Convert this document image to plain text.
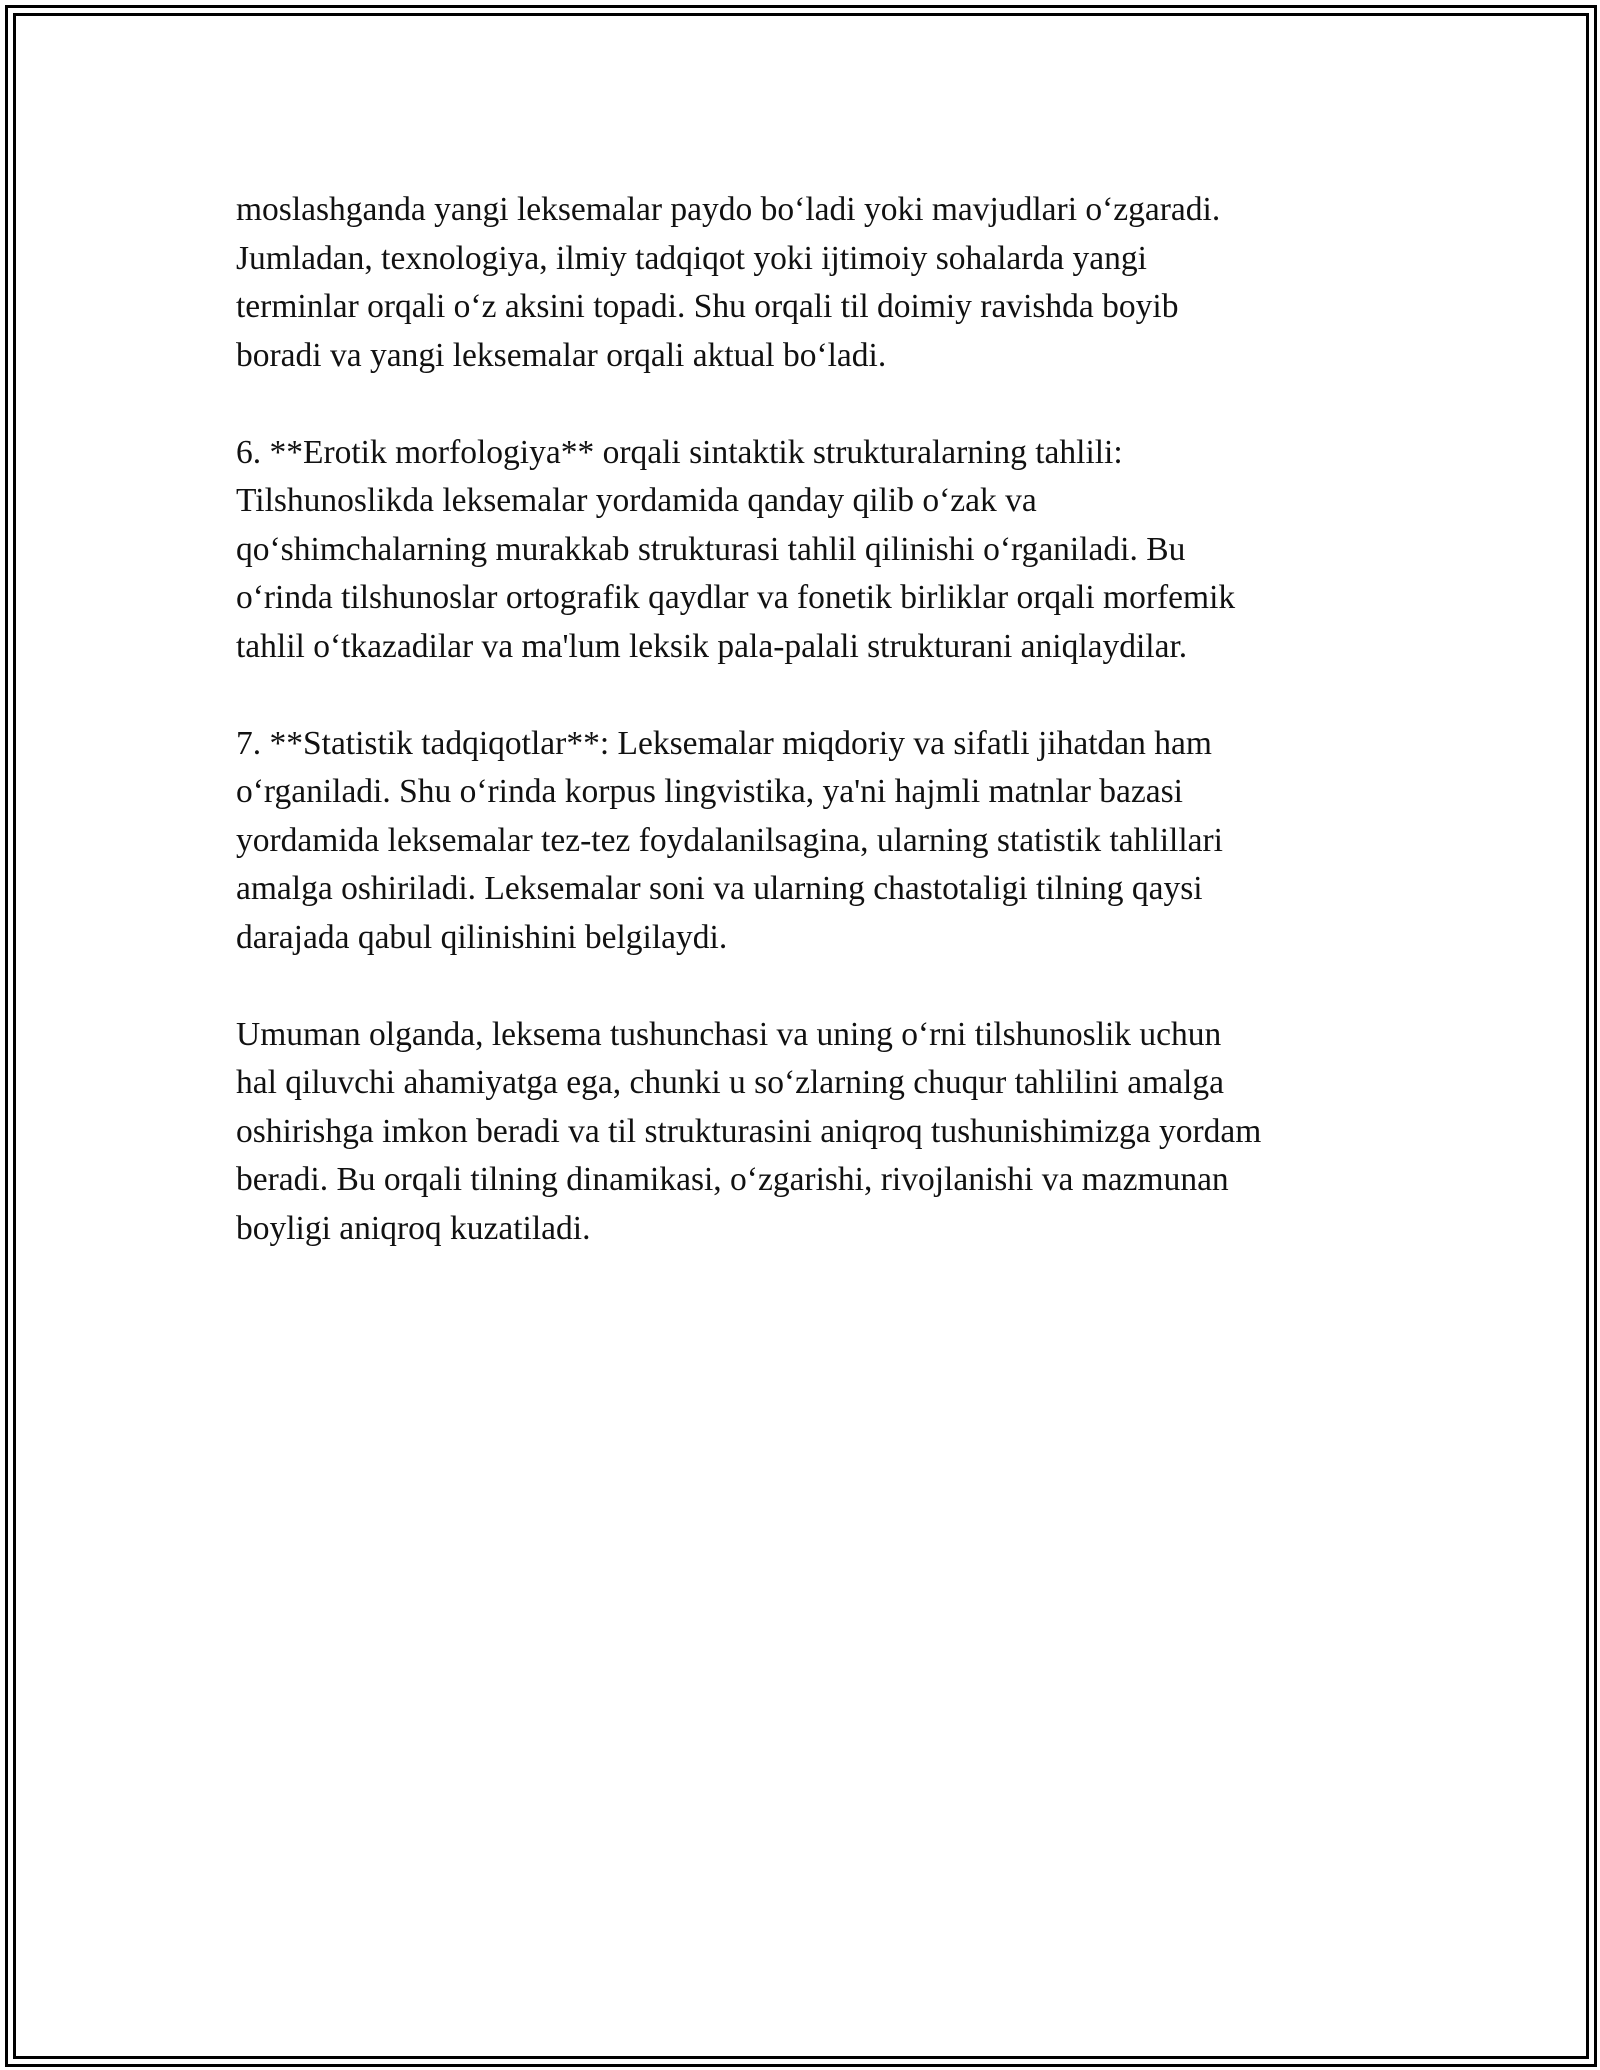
moslashganda yangi leksemalar paydo bo‘ladi yoki mavjudlari o‘zgaradi.
Jumladan, texnologiya, ilmiy tadqiqot yoki ijtimoiy sohalarda yangi
terminlar orqali o‘z aksini topadi. Shu orqali til doimiy ravishda boyib
boradi va yangi leksemalar orqali aktual bo‘ladi.

6. **Erotik morfologiya** orqali sintaktik strukturalarning tahlili:
Tilshunoslikda leksemalar yordamida qanday qilib o‘zak va
qo‘shimchalarning murakkab strukturasi tahlil qilinishi o‘rganiladi. Bu
o‘rinda tilshunoslar ortografik qaydlar va fonetik birliklar orqali morfemik
tahlil o‘tkazadilar va ma'lum leksik pala-palali strukturani aniqlaydilar.

7. **Statistik tadqiqotlar**: Leksemalar miqdoriy va sifatli jihatdan ham
o‘rganiladi. Shu o‘rinda korpus lingvistika, ya'ni hajmli matnlar bazasi
yordamida leksemalar tez-tez foydalanilsagina, ularning statistik tahlillari
amalga oshiriladi. Leksemalar soni va ularning chastotaligi tilning qaysi
darajada qabul qilinishini belgilaydi.

Umuman olganda, leksema tushunchasi va uning o‘rni tilshunoslik uchun
hal qiluvchi ahamiyatga ega, chunki u so‘zlarning chuqur tahlilini amalga
oshirishga imkon beradi va til strukturasini aniqroq tushunishimizga yordam
beradi. Bu orqali tilning dinamikasi, o‘zgarishi, rivojlanishi va mazmunan
boyligi aniqroq kuzatiladi.
